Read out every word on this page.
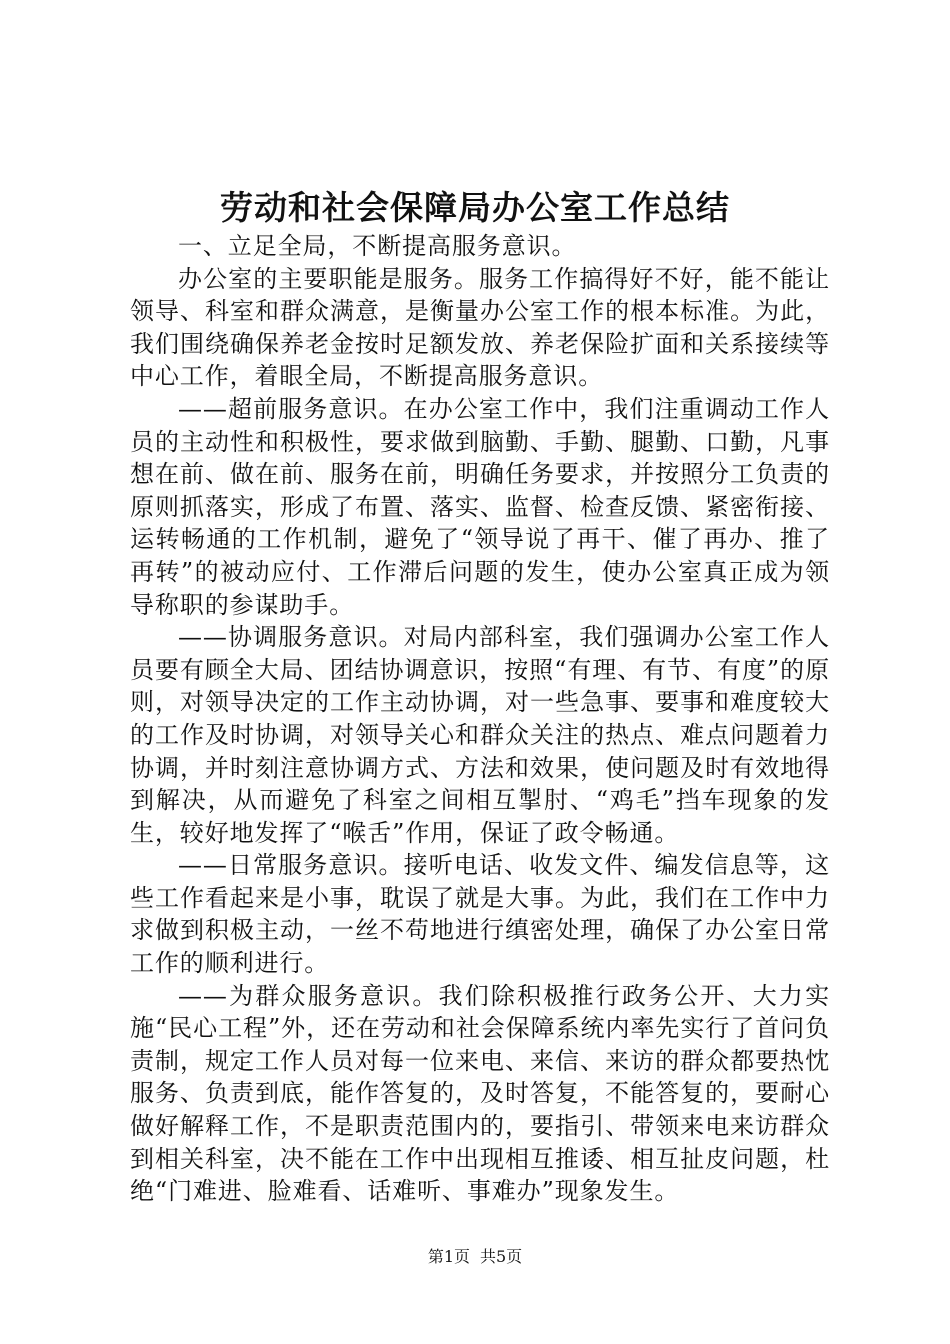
劳动和社会保障局办公室工作总结

一、立足全局，不断提高服务意识。

办公室的主要职能是服务。服务工作搞得好不好，能不能让领导、科室和群众满意，是衡量办公室工作的根本标准。为此，我们围绕确保养老金按时足额发放、养老保险扩面和关系接续等中心工作，着眼全局，不断提高服务意识。

——超前服务意识。在办公室工作中，我们注重调动工作人员的主动性和积极性，要求做到脑勤、手勤、腿勤、口勤，凡事想在前、做在前、服务在前，明确任务要求，并按照分工负责的原则抓落实，形成了布置、落实、监督、检查反馈、紧密衔接、运转畅通的工作机制，避免了“领导说了再干、催了再办、推了再转”的被动应付、工作滞后问题的发生，使办公室真正成为领导称职的参谋助手。

——协调服务意识。对局内部科室，我们强调办公室工作人员要有顾全大局、团结协调意识，按照“有理、有节、有度”的原则，对领导决定的工作主动协调，对一些急事、要事和难度较大的工作及时协调，对领导关心和群众关注的热点、难点问题着力协调，并时刻注意协调方式、方法和效果，使问题及时有效地得到解决，从而避免了科室之间相互掣肘、“鸡毛”挡车现象的发生，较好地发挥了“喉舌”作用，保证了政令畅通。

——日常服务意识。接听电话、收发文件、编发信息等，这些工作看起来是小事，耽误了就是大事。为此，我们在工作中力求做到积极主动，一丝不苟地进行缜密处理，确保了办公室日常工作的顺利进行。

——为群众服务意识。我们除积极推行政务公开、大力实施“民心工程”外，还在劳动和社会保障系统内率先实行了首问负责制，规定工作人员对每一位来电、来信、来访的群众都要热忱服务、负责到底，能作答复的，及时答复，不能答复的，要耐心做好解释工作，不是职责范围内的，要指引、带领来电来访群众到相关科室，决不能在工作中出现相互推诿、相互扯皮问题，杜绝“门难进、脸难看、话难听、事难办”现象发生。

第1页 共5页
